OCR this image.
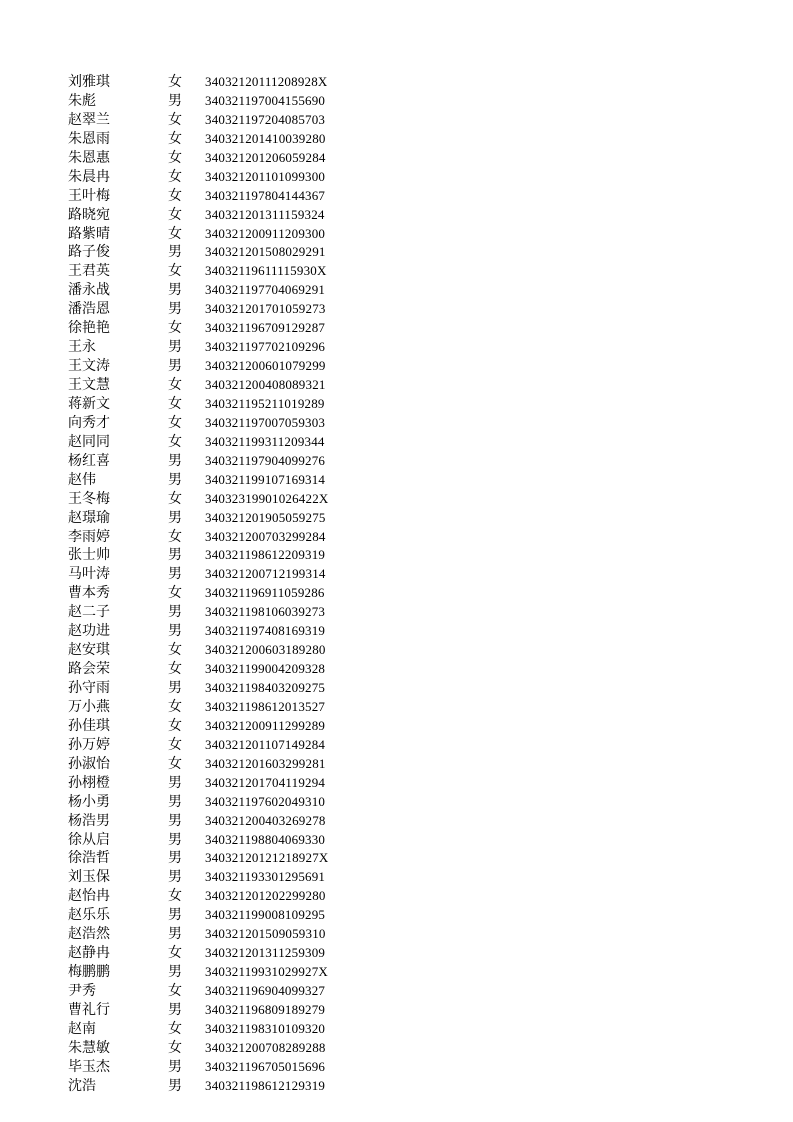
刘雅琪	女 34032120111208928X
朱彪	男 340321197004155690
赵翠兰	女 340321197204085703
朱恩雨	女 340321201410039280
朱恩惠	女 340321201206059284
朱晨冉	女 340321201101099300
王叶梅	女 340321197804144367
路晓宛	女 340321201311159324
路紫晴	女 340321200911209300
路子俊	男 340321201508029291
王君英	女 34032119611115930X
潘永战	男 340321197704069291
潘浩恩	男 340321201701059273
徐艳艳	女 340321196709129287
王永	男 340321197702109296
王文涛	男 340321200601079299
王文慧	女 340321200408089321
蒋新文	女 340321195211019289
向秀才	女 340321197007059303
赵同同	女 340321199311209344
杨红喜	男 340321197904099276
赵伟	男 340321199107169314
王冬梅	女 34032319901026422X
赵璟瑜	男 340321201905059275
李雨婷	女 340321200703299284
张士帅	男 340321198612209319
马叶涛	男 340321200712199314
曹本秀	女 340321196911059286
赵二子	男 340321198106039273
赵功进	男 340321197408169319
赵安琪	女 340321200603189280
路会荣	女 340321199004209328
孙守雨	男 340321198403209275
万小燕	女 340321198612013527
孙佳琪	女 340321200911299289
孙万婷	女 340321201107149284
孙淑怡	女 340321201603299281
孙栩橙	男 340321201704119294
杨小勇	男 340321197602049310
杨浩男	男 340321200403269278
徐从启	男 340321198804069330
徐浩哲	男 34032120121218927X
刘玉保	男 340321193301295691
赵怡冉	女 340321201202299280
赵乐乐	男 340321199008109295
赵浩然	男 340321201509059310
赵静冉	女 340321201311259309
梅鹏鹏	男 34032119931029927X
尹秀	女 340321196904099327
曹礼行	男 340321196809189279
赵南	女 340321198310109320
朱慧敏	女 340321200708289288
毕玉杰	男 340321196705015696
沈浩	男 340321198612129319
